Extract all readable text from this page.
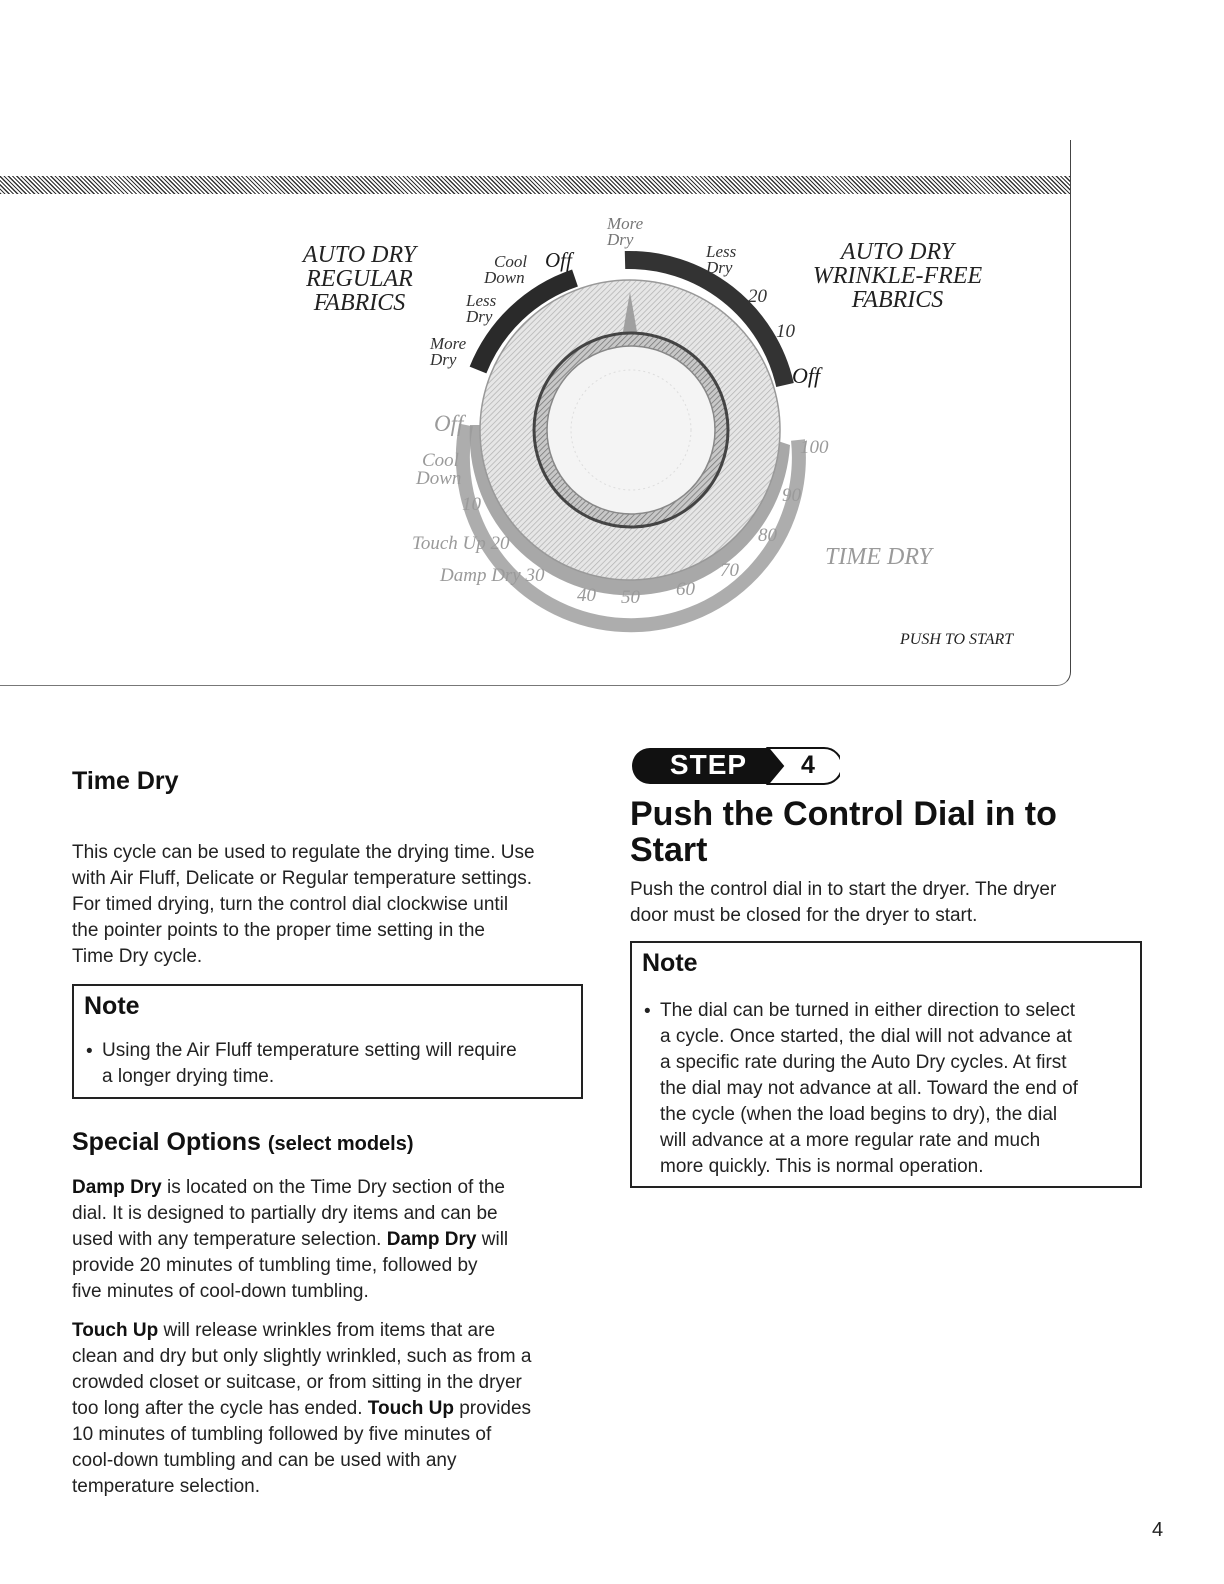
AUTO DRY
REGULAR
FABRICS
AUTO DRY
WRINKLE-FREE
FABRICS
More
Dry
Less
Dry
Cool
Down
Off
More
Dry
Less
Dry
20
10
Off
Off
Cool
Down
10
Touch Up 20
Damp Dry 30
40 50 60
70
80
90
100
TIME DRY
PUSH TO START
Time Dry
This cycle can be used to regulate the drying time. Use
with Air Fluff, Delicate or Regular temperature settings.
For timed drying, turn the control dial clockwise until
the pointer points to the proper time setting in the
Time Dry cycle.
Note
• Using the Air Fluff temperature setting will require
a longer drying time.
Special Options (select models)
Damp Dry is located on the Time Dry section of the
dial. It is designed to partially dry items and can be
used with any temperature selection. Damp Dry will
provide 20 minutes of tumbling time, followed by
five minutes of cool-down tumbling.
Touch Up will release wrinkles from items that are
clean and dry but only slightly wrinkled, such as from a
crowded closet or suitcase, or from sitting in the dryer
too long after the cycle has ended. Touch Up provides
10 minutes of tumbling followed by five minutes of
cool-down tumbling and can be used with any
temperature selection.
STEP	4
Push the Control Dial in to
Start
Push the control dial in to start the dryer. The dryer
door must be closed for the dryer to start.
Note
• The dial can be turned in either direction to select
a cycle. Once started, the dial will not advance at
a specific rate during the Auto Dry cycles. At first
the dial may not advance at all. Toward the end of
the cycle (when the load begins to dry), the dial
will advance at a more regular rate and much
more quickly. This is normal operation.
4
